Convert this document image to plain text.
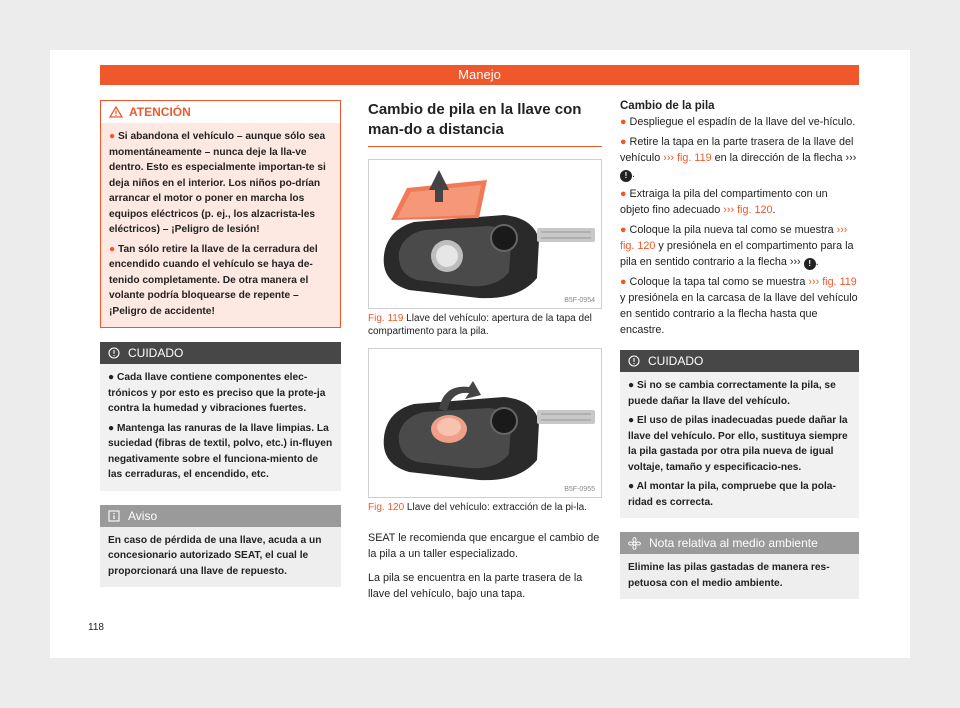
Manejo
ATENCIÓN

● Si abandona el vehículo – aunque sólo sea momentáneamente – nunca deje la lla-ve dentro. Esto es especialmente importan-te si deja niños en el interior. Los niños po-drían arrancar el motor o poner en marcha los equipos eléctricos (p. ej., los alzacrista-les eléctricos) – ¡Peligro de lesión!

● Tan sólo retire la llave de la cerradura del encendido cuando el vehículo se haya de-tenido completamente. De otra manera el volante podría bloquearse de repente – ¡Peligro de accidente!

CUIDADO

● Cada llave contiene componentes elec-trónicos y por esto es preciso que la prote-ja contra la humedad y vibraciones fuertes.

● Mantenga las ranuras de la llave limpias. La suciedad (fibras de textil, polvo, etc.) in-fluyen negativamente sobre el funciona-miento de las cerraduras, el encendido, etc.

Aviso

En caso de pérdida de una llave, acuda a un concesionario autorizado SEAT, el cual le proporcionará una llave de repuesto.

Cambio de pila en la llave con man-do a distancia
B5F-0954

Fig. 119 Llave del vehículo: apertura de la tapa del compartimento para la pila.

B5F-0955

Fig. 120 Llave del vehículo: extracción de la pi-la.

SEAT le recomienda que encargue el cambio de la pila a un taller especializado.

La pila se encuentra en la parte trasera de la llave del vehículo, bajo una tapa.

Cambio de la pila

● Despliegue el espadín de la llave del ve-hículo.

● Retire la tapa en la parte trasera de la llave del vehículo ››› fig. 119 en la dirección de la flecha ››› ! .

● Extraiga la pila del compartimento con un objeto fino adecuado ››› fig. 120.

● Coloque la pila nueva tal como se muestra ››› fig. 120 y presiónela en el compartimento para la pila en sentido contrario a la flecha ››› ! .

● Coloque la tapa tal como se muestra ››› fig. 119 y presiónela en la carcasa de la llave del vehículo en sentido contrario a la flecha hasta que encastre.

CUIDADO

● Si no se cambia correctamente la pila, se puede dañar la llave del vehículo.

● El uso de pilas inadecuadas puede dañar la llave del vehículo. Por ello, sustituya siempre la pila gastada por otra pila nueva de igual voltaje, tamaño y especificacio-nes.

● Al montar la pila, compruebe que la pola-ridad es correcta.

Nota relativa al medio ambiente

Elimine las pilas gastadas de manera res-petuosa con el medio ambiente.

118
